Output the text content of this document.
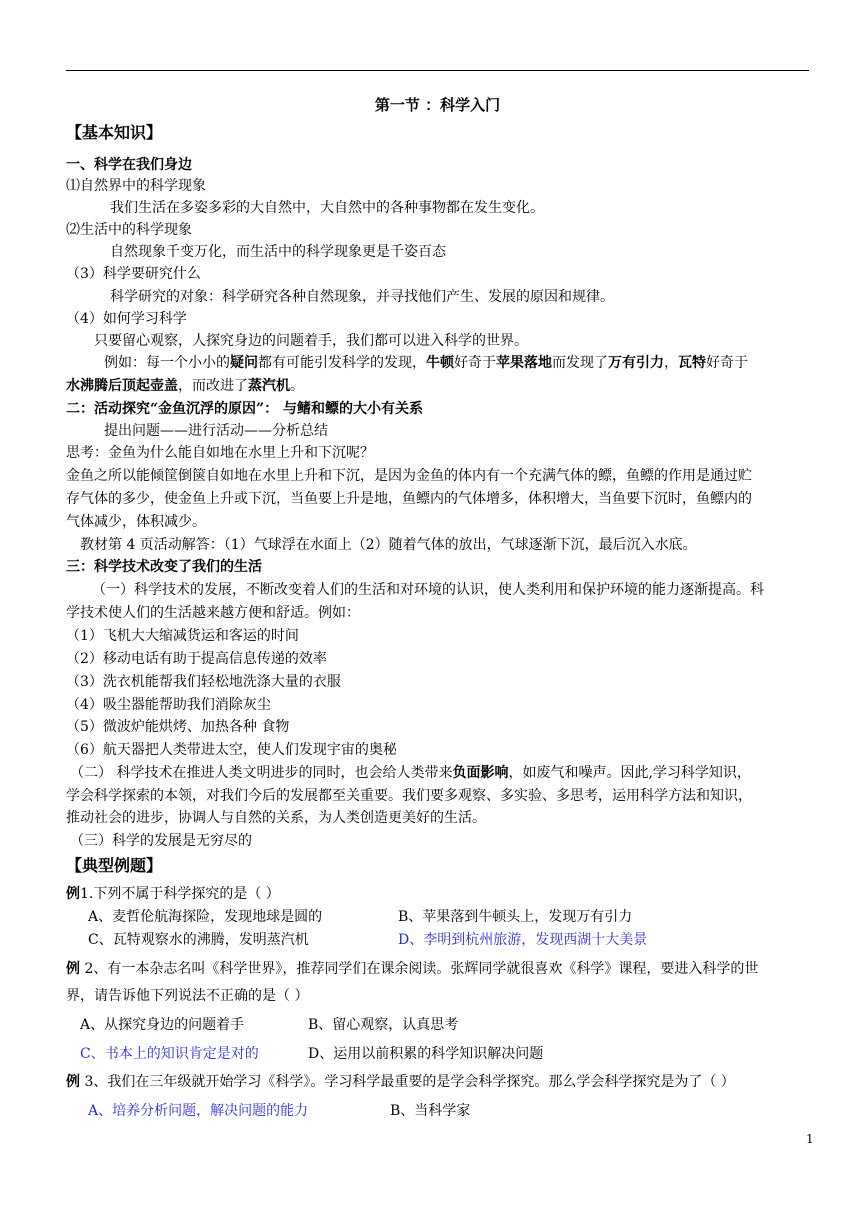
第一节 ：科学入门
【基本知识】
一、科学在我们身边
⑴自然界中的科学现象
我们生活在多姿多彩的大自然中，大自然中的各种事物都在发生变化。
⑵生活中的科学现象
自然现象千变万化，而生活中的科学现象更是千姿百态
（3）科学要研究什么
科学研究的对象：科学研究各种自然现象，并寻找他们产生、发展的原因和规律。
（4）如何学习科学
只要留心观察，人探究身边的问题着手，我们都可以进入科学的世界。
例如：每一个小小的疑问都有可能引发科学的发现，牛顿好奇于苹果落地而发现了万有引力，瓦特好奇于
水沸腾后顶起壶盖，而改进了蒸汽机。
二：活动探究“金鱼沉浮的原因”： 与鳍和鳔的大小有关系
提出问题——进行活动——分析总结
思考：金鱼为什么能自如地在水里上升和下沉呢？
金鱼之所以能倾筐倒箧自如地在水里上升和下沉，是因为金鱼的体内有一个充满气体的鳔，鱼鳔的作用是通过贮
存气体的多少，使金鱼上升或下沉，当鱼要上升是地，鱼鳔内的气体增多，体积增大，当鱼要下沉时，鱼鳔内的
气体减少，体积减少。
教材第 4 页活动解答：（1）气球浮在水面上（2）随着气体的放出，气球逐渐下沉，最后沉入水底。
三：科学技术改变了我们的生活
（一）科学技术的发展，不断改变着人们的生活和对环境的认识，使人类利用和保护环境的能力逐渐提高。科
学技术使人们的生活越来越方便和舒适。例如：
（1）飞机大大缩减货运和客运的时间
（2）移动电话有助于提高信息传递的效率
（3）洗衣机能帮我们轻松地洗涤大量的衣服
（4）吸尘器能帮助我们消除灰尘
（5）微波炉能烘烤、加热各种 食物
（6）航天器把人类带进太空，使人们发现宇宙的奥秘
（二） 科学技术在推进人类文明进步的同时，也会给人类带来负面影响，如废气和噪声。因此,学习科学知识，
学会科学探索的本领，对我们今后的发展都至关重要。我们要多观察、多实验、多思考，运用科学方法和知识，
推动社会的进步，协调人与自然的关系，为人类创造更美好的生活。
（三）科学的发展是无穷尽的
【典型例题】
例1.下列不属于科学探究的是（ ）
A、麦哲伦航海探险，发现地球是圆的	B、苹果落到牛顿头上，发现万有引力
C、瓦特观察水的沸腾，发明蒸汽机	D、李明到杭州旅游，发现西湖十大美景
例 2、有一本杂志名叫《科学世界》，推荐同学们在课余阅读。张辉同学就很喜欢《科学》课程，要进入科学的世
界，请告诉他下列说法不正确的是（ ）
A、从探究身边的问题着手	B、留心观察，认真思考
C、书本上的知识肯定是对的	D、运用以前积累的科学知识解决问题
例 3、我们在三年级就开始学习《科学》。学习科学最重要的是学会科学探究。那么学会科学探究是为了（ ）
A、培养分析问题，解决问题的能力	B、当科学家
1
